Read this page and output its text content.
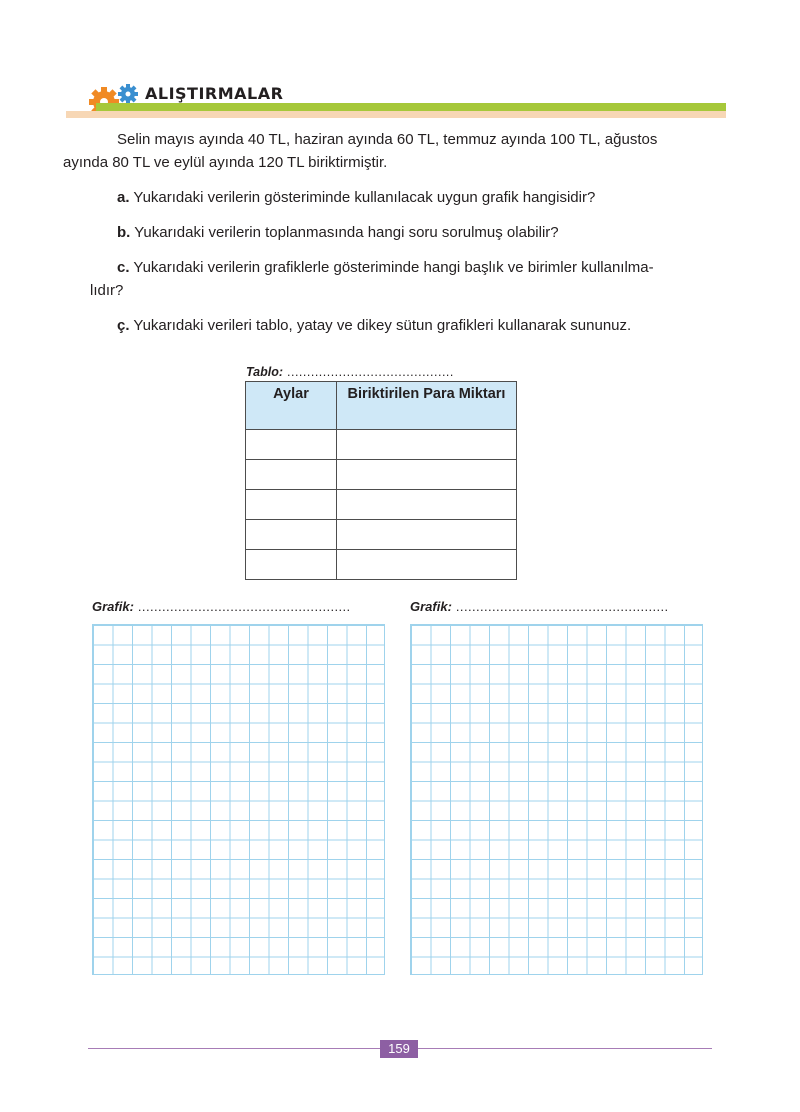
ALIŞTIRMALAR

Selin mayıs ayında 40 TL, haziran ayında 60 TL, temmuz ayında 100 TL, ağustos
ayında 80 TL ve eylül ayında 120 TL biriktirmiştir.

a. Yukarıdaki verilerin gösteriminde kullanılacak uygun grafik hangisidir?

b. Yukarıdaki verilerin toplanmasında hangi soru sorulmuş olabilir?

c. Yukarıdaki verilerin grafiklerle gösteriminde hangi başlık ve birimler kullanılma-
lıdır?

ç. Yukarıdaki verileri tablo, yatay ve dikey sütun grafikleri kullanarak sununuz.

Tablo: ..........................................
Aylar	Biriktirilen Para Miktarı

Grafik: .....................................................	Grafik: .....................................................
159
